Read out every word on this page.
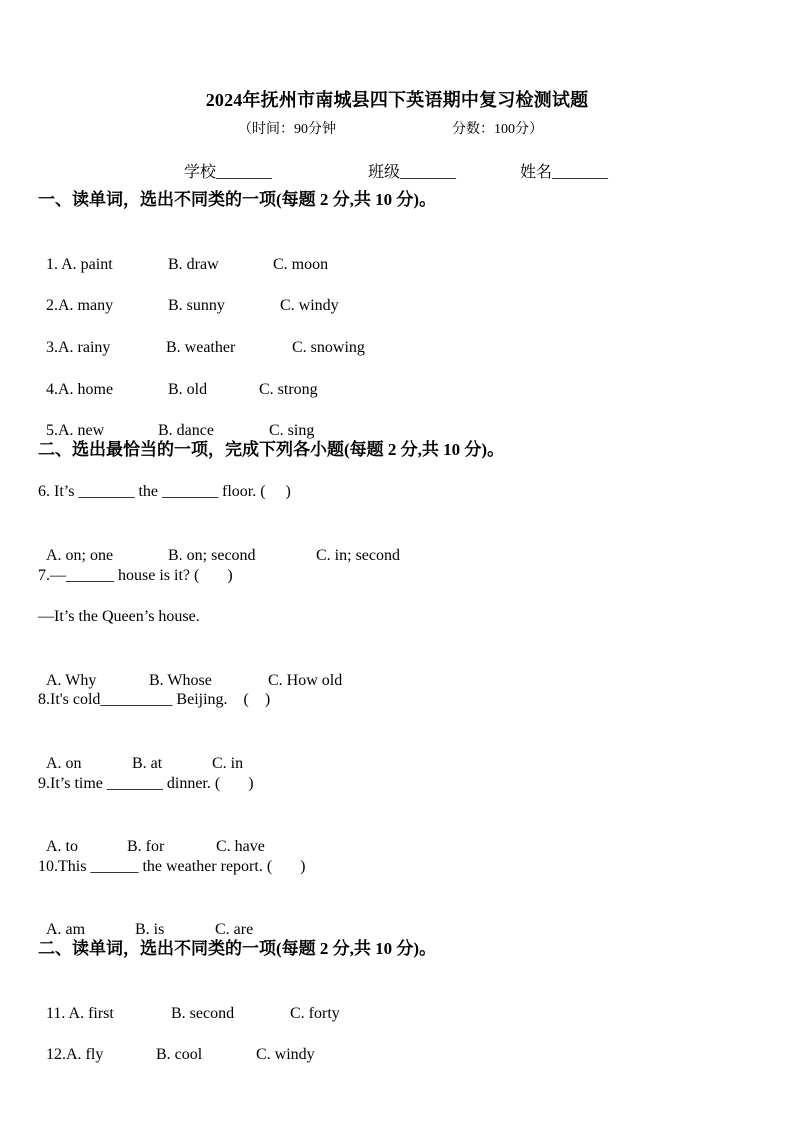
2024年抚州市南城县四下英语期中复习检测试题
（时间：90分钟	分数：100分）
学校_______	班级_______	姓名_______
一、读单词，选出不同类的一项(每题 2 分,共 10 分)。

1. A. paint	B. draw	C. moon

2.A. many	B. sunny	C. windy

3.A. rainy	B. weather	C. snowing

4.A. home	B. old	C. strong

5.A. new	B. dance	C. sing

二、选出最恰当的一项，完成下列各小题(每题 2 分,共 10 分)。
6. It’s _______ the _______ floor. (     )

A. on; one	B. on; second	C. in; second

7.—______ house is it? (       )
—It’s the Queen’s house.

A. Why	B. Whose	C. How old

8.It's cold_________ Beijing.    (    )

A. on	B. at	C. in

9.It’s time _______ dinner. (       )

A. to	B. for	C. have

10.This ______ the weather report. (       )

A. am	B. is	C. are

二、读单词，选出不同类的一项(每题 2 分,共 10 分)。

11. A. first	B. second	C. forty

12.A. fly	B. cool	C. windy
